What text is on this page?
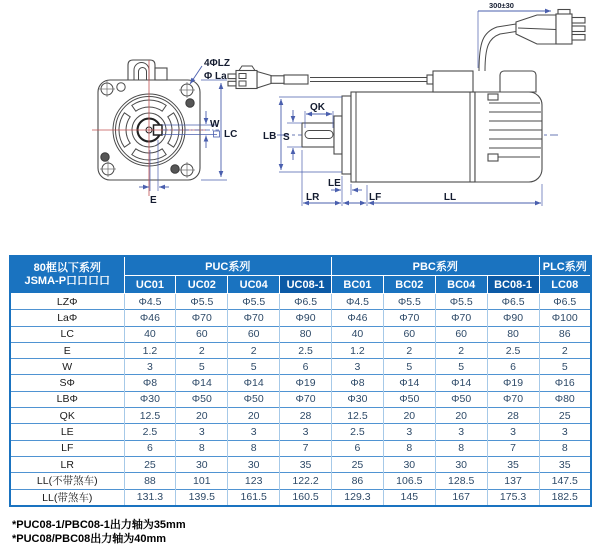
4ΦLZ
Φ La
LC
W
E
300±30
LB S
QK
LE
LR	LF	LL
80框以下系列
JSMA-P口口口口	PUC系列				PBC系列				PLC系列
	UC01	UC02	UC04	UC08-1	BC01	BC02	BC04	BC08-1	LC08
LZΦ	Φ4.5	Φ5.5	Φ5.5	Φ6.5	Φ4.5	Φ5.5	Φ5.5	Φ6.5	Φ6.5
LaΦ	Φ46	Φ70	Φ70	Φ90	Φ46	Φ70	Φ70	Φ90	Φ100
LC	40	60	60	80	40	60	60	80	86
E	1.2	2	2	2.5	1.2	2	2	2.5	2
W	3	5	5	6	3	5	5	6	5
SΦ	Φ8	Φ14	Φ14	Φ19	Φ8	Φ14	Φ14	Φ19	Φ16
LBΦ	Φ30	Φ50	Φ50	Φ70	Φ30	Φ50	Φ50	Φ70	Φ80
QK	12.5	20	20	28	12.5	20	20	28	25
LE	2.5	3	3	3	2.5	3	3	3	3
LF	6	8	8	7	6	8	8	7	8
LR	25	30	30	35	25	30	30	35	35
LL(不带煞车)	88	101	123	122.2	86	106.5	128.5	137	147.5
LL(带煞车)	131.3	139.5	161.5	160.5	129.3	145	167	175.3	182.5
*PUC08-1/PBC08-1出力轴为35mm
*PUC08/PBC08出力轴为40mm
